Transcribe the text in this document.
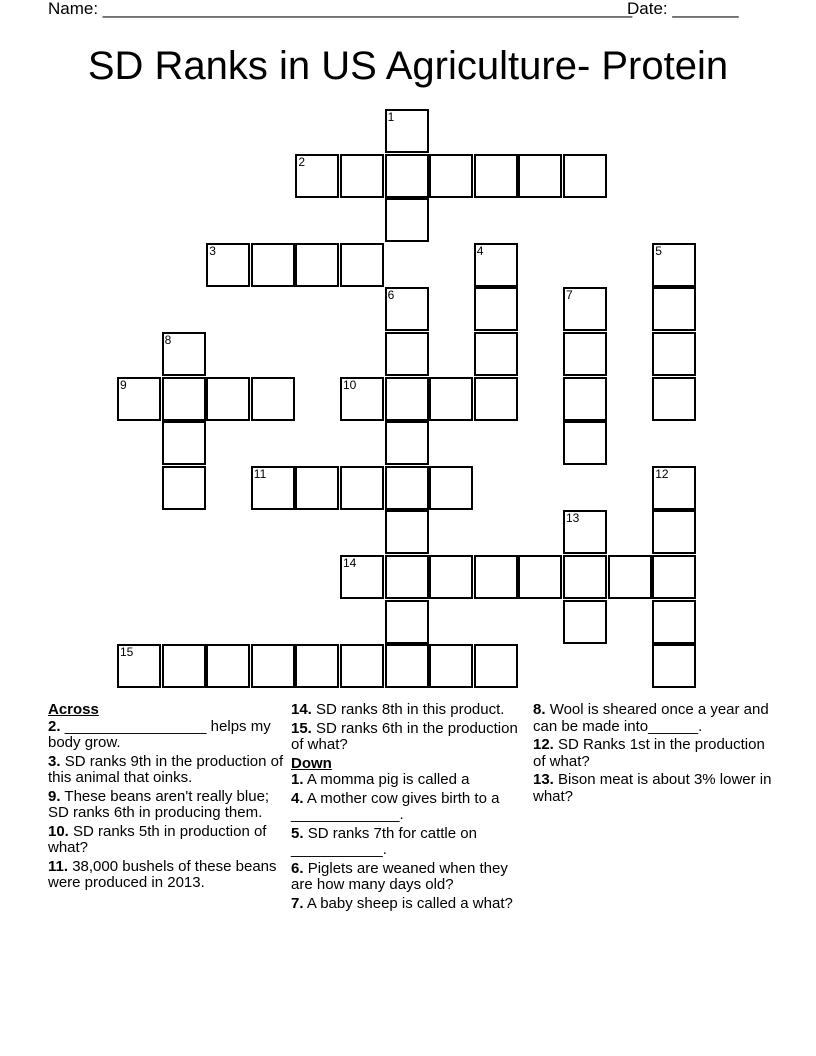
Name: ________________________________________________________
Date: _______
SD Ranks in US Agriculture- Protein
1
2
3	4	5
6	7
8
9	10
11	12
13
14
15
Across
2. _________________ helps my body grow.
3. SD ranks 9th in the production of this animal that oinks.
9. These beans aren't really blue; SD ranks 6th in producing them.
10. SD ranks 5th in production of what?
11. 38,000 bushels of these beans were produced in 2013.
14. SD ranks 8th in this product.
15. SD ranks 6th in the production of what?
Down
1. A momma pig is called a
4. A mother cow gives birth to a _____________.
5. SD ranks 7th for cattle on ___________.
6. Piglets are weaned when they are how many days old?
7. A baby sheep is called a what?
8. Wool is sheared once a year and can be made into______.
12. SD Ranks 1st in the production of what?
13. Bison meat is about 3% lower in what?
